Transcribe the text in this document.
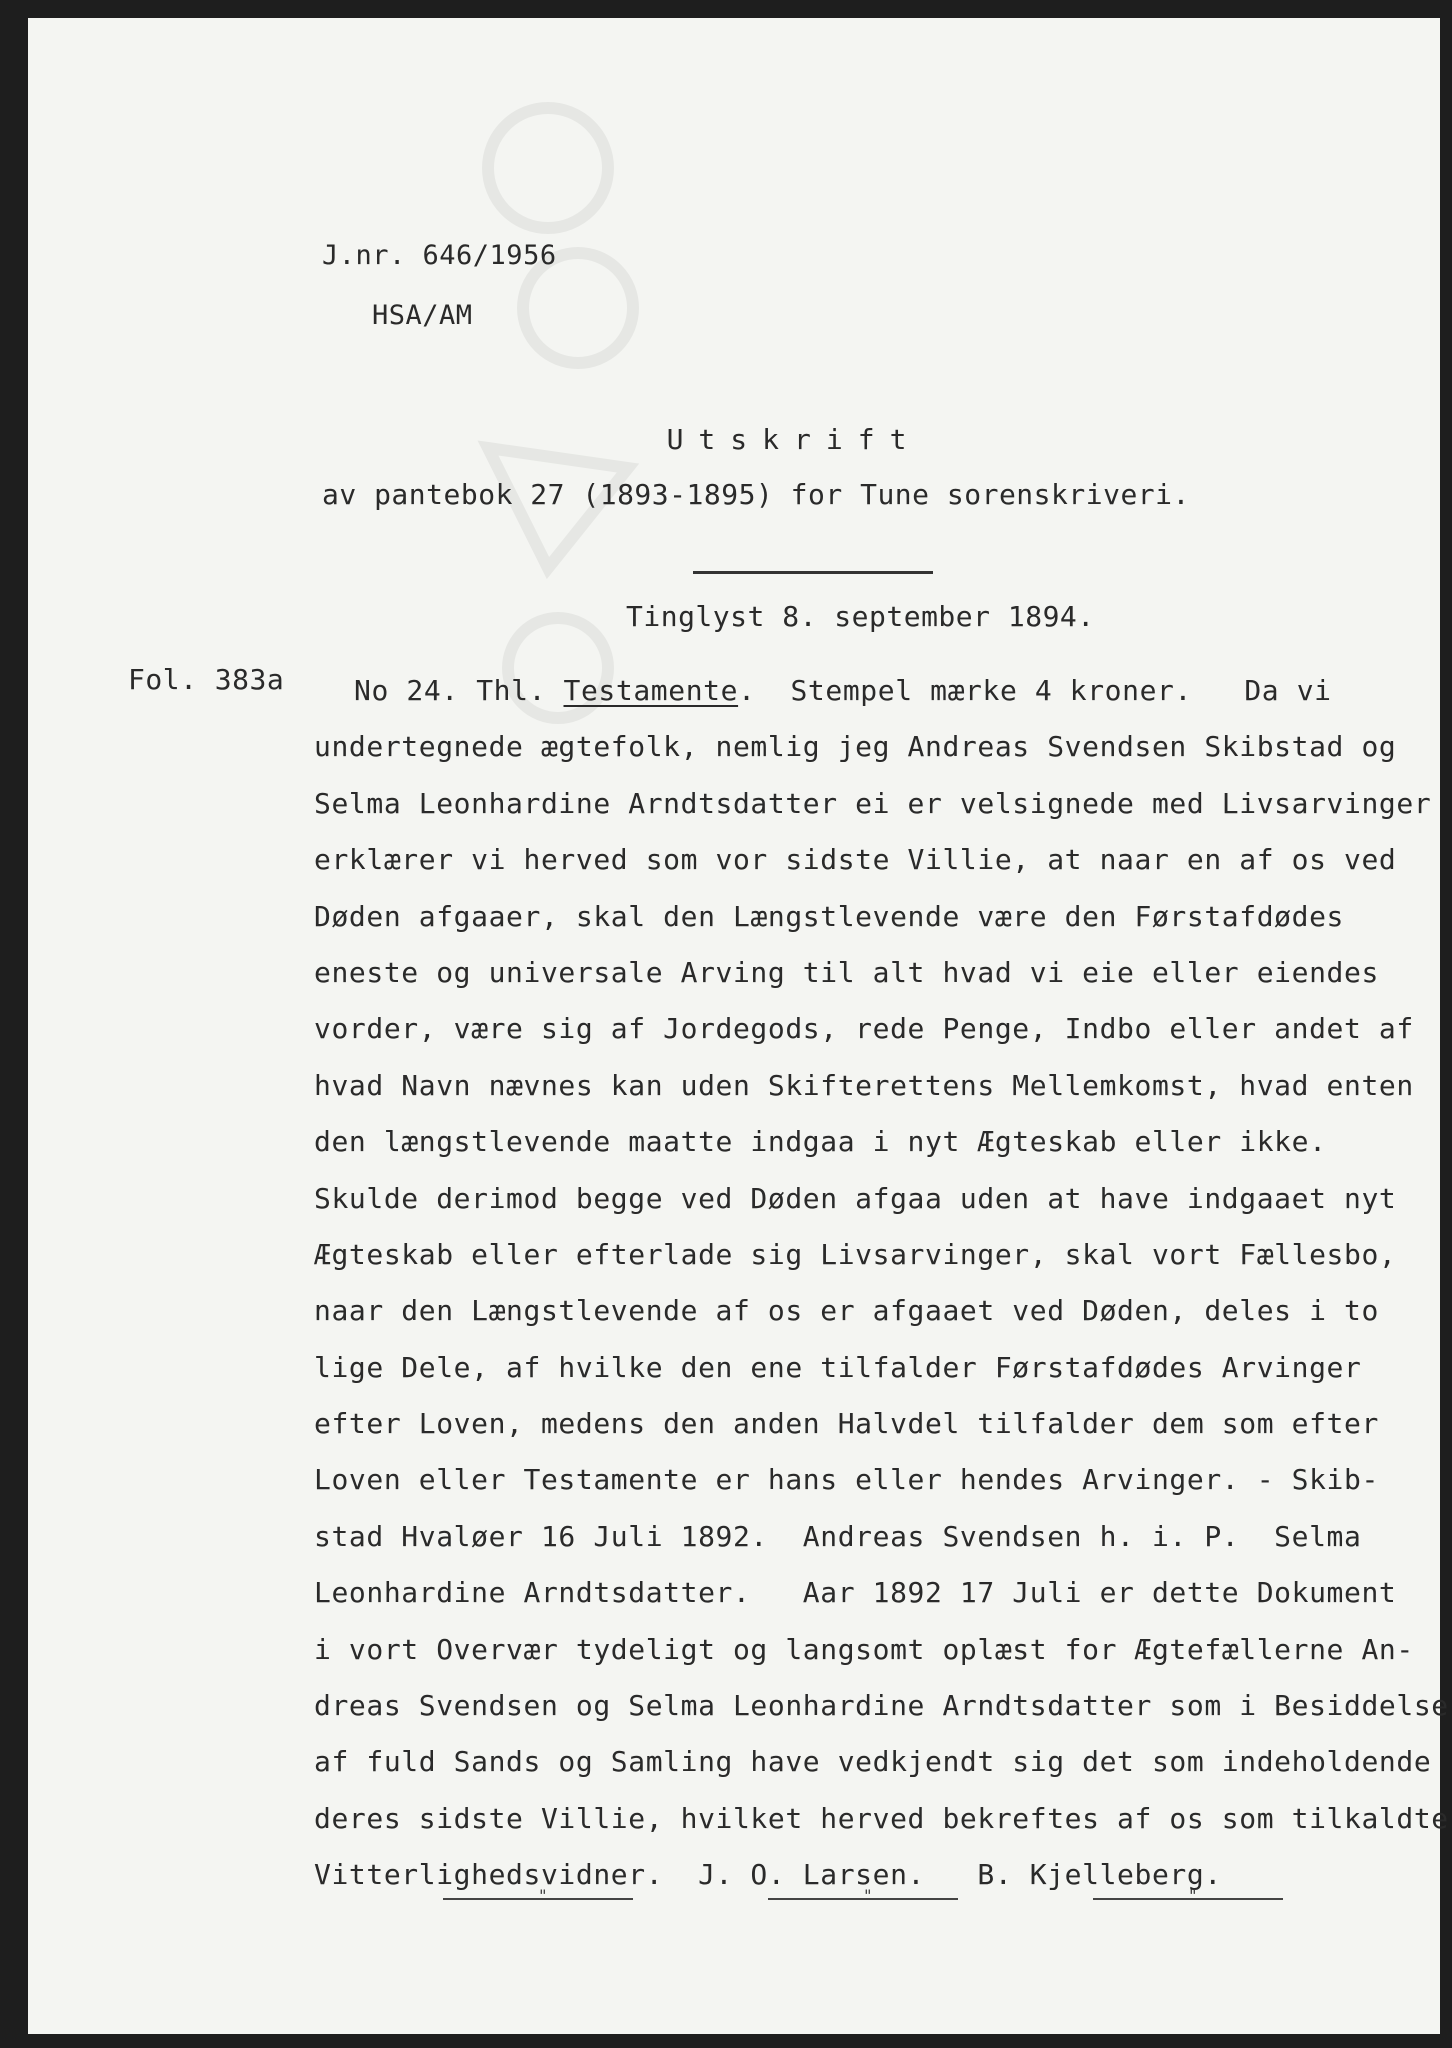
J.nr. 646/1956
HSA/AM
Utskrift
av pantebok 27 (1893-1895) for Tune sorenskriveri.
Tinglyst 8. september 1894.
Fol. 383a	No 24. Thl. Testamente.  Stempel mærke 4 kroner.   Da vi
undertegnede ægtefolk, nemlig jeg Andreas Svendsen Skibstad og
Selma Leonhardine Arndtsdatter ei er velsignede med Livsarvinger
erklærer vi herved som vor sidste Villie, at naar en af os ved
Døden afgaaer, skal den Længstlevende være den Førstafdødes
eneste og universale Arving til alt hvad vi eie eller eiendes
vorder, være sig af Jordegods, rede Penge, Indbo eller andet af
hvad Navn nævnes kan uden Skifterettens Mellemkomst, hvad enten
den længstlevende maatte indgaa i nyt Ægteskab eller ikke.
Skulde derimod begge ved Døden afgaa uden at have indgaaet nyt
Ægteskab eller efterlade sig Livsarvinger, skal vort Fællesbo,
naar den Længstlevende af os er afgaaet ved Døden, deles i to
lige Dele, af hvilke den ene tilfalder Førstafdødes Arvinger
efter Loven, medens den anden Halvdel tilfalder dem som efter
Loven eller Testamente er hans eller hendes Arvinger. - Skib-
stad Hvaløer 16 Juli 1892.  Andreas Svendsen h. i. P.  Selma
Leonhardine Arndtsdatter.   Aar 1892 17 Juli er dette Dokument
i vort Overvær tydeligt og langsomt oplæst for Ægtefællerne An-
dreas Svendsen og Selma Leonhardine Arndtsdatter som i Besiddelse
af fuld Sands og Samling have vedkjendt sig det som indeholdende
deres sidste Villie, hvilket herved bekreftes af os som tilkaldte
Vitterlighedsvidner.  J. O. Larsen.   B. Kjelleberg.
"
"
"
